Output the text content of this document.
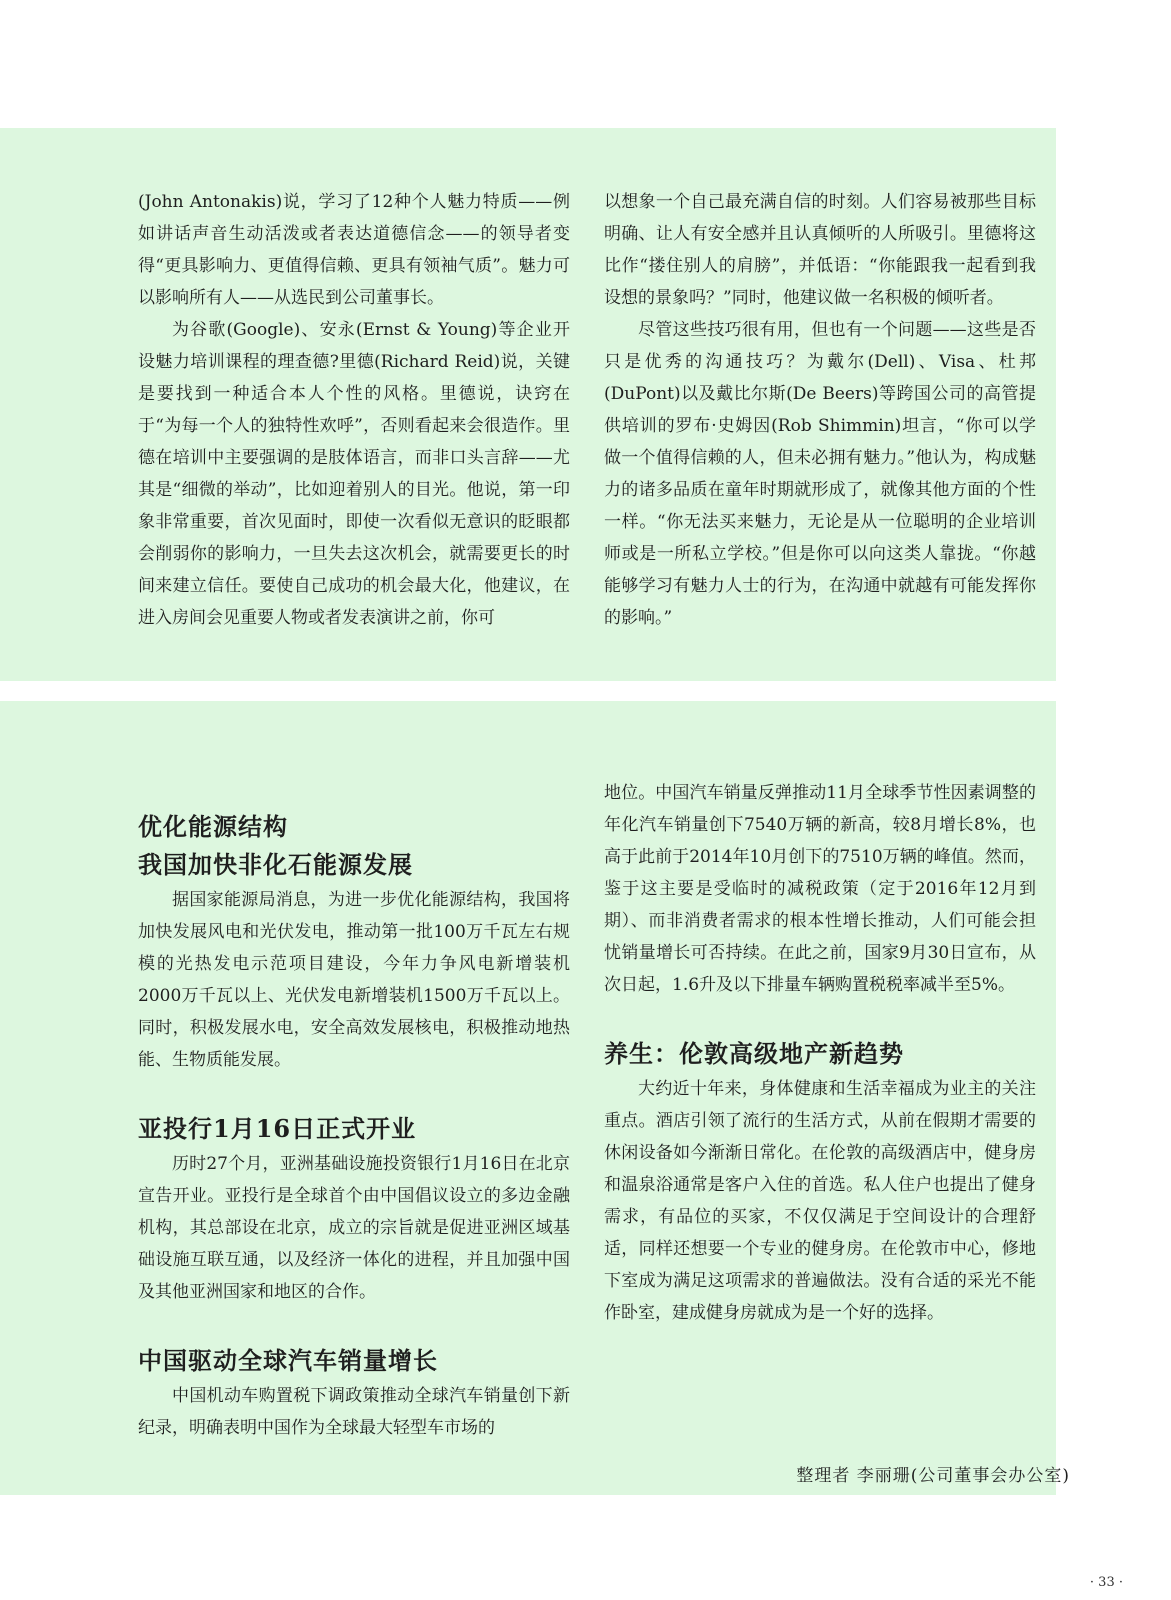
(John Antonakis)说，学习了12种个人魅力特质——例如讲话声音生动活泼或者表达道德信念——的领导者变得“更具影响力、更值得信赖、更具有领袖气质”。魅力可以影响所有人——从选民到公司董事长。

为谷歌(Google)、安永(Ernst & Young)等企业开设魅力培训课程的理查德?里德(Richard Reid)说，关键是要找到一种适合本人个性的风格。里德说，诀窍在于“为每一个人的独特性欢呼”，否则看起来会很造作。里德在培训中主要强调的是肢体语言，而非口头言辞——尤其是“细微的举动”，比如迎着别人的目光。他说，第一印象非常重要，首次见面时，即使一次看似无意识的眨眼都会削弱你的影响力，一旦失去这次机会，就需要更长的时间来建立信任。要使自己成功的机会最大化，他建议，在进入房间会见重要人物或者发表演讲之前，你可

以想象一个自己最充满自信的时刻。人们容易被那些目标明确、让人有安全感并且认真倾听的人所吸引。里德将这比作“搂住别人的肩膀”，并低语：“你能跟我一起看到我设想的景象吗？”同时，他建议做一名积极的倾听者。

尽管这些技巧很有用，但也有一个问题——这些是否只是优秀的沟通技巧？为戴尔(Dell)、Visa、杜邦(DuPont)以及戴比尔斯(De Beers)等跨国公司的高管提供培训的罗布·史姆因(Rob Shimmin)坦言，“你可以学做一个值得信赖的人，但未必拥有魅力。”他认为，构成魅力的诸多品质在童年时期就形成了，就像其他方面的个性一样。“你无法买来魅力，无论是从一位聪明的企业培训师或是一所私立学校。”但是你可以向这类人靠拢。“你越能够学习有魅力人士的行为，在沟通中就越有可能发挥你的影响。”

优化能源结构
我国加快非化石能源发展

据国家能源局消息，为进一步优化能源结构，我国将加快发展风电和光伏发电，推动第一批100万千瓦左右规模的光热发电示范项目建设，今年力争风电新增装机2000万千瓦以上、光伏发电新增装机1500万千瓦以上。同时，积极发展水电，安全高效发展核电，积极推动地热能、生物质能发展。

亚投行1月16日正式开业

历时27个月，亚洲基础设施投资银行1月16日在北京宣告开业。亚投行是全球首个由中国倡议设立的多边金融机构，其总部设在北京，成立的宗旨就是促进亚洲区域基础设施互联互通，以及经济一体化的进程，并且加强中国及其他亚洲国家和地区的合作。

中国驱动全球汽车销量增长

中国机动车购置税下调政策推动全球汽车销量创下新纪录，明确表明中国作为全球最大轻型车市场的

地位。中国汽车销量反弹推动11月全球季节性因素调整的年化汽车销量创下7540万辆的新高，较8月增长8%，也高于此前于2014年10月创下的7510万辆的峰值。然而，鉴于这主要是受临时的减税政策（定于2016年12月到期）、而非消费者需求的根本性增长推动，人们可能会担忧销量增长可否持续。在此之前，国家9月30日宣布，从次日起，1.6升及以下排量车辆购置税税率减半至5%。

养生：伦敦高级地产新趋势

大约近十年来，身体健康和生活幸福成为业主的关注重点。酒店引领了流行的生活方式，从前在假期才需要的休闲设备如今渐渐日常化。在伦敦的高级酒店中，健身房和温泉浴通常是客户入住的首选。私人住户也提出了健身需求，有品位的买家，不仅仅满足于空间设计的合理舒适，同样还想要一个专业的健身房。在伦敦市中心，修地下室成为满足这项需求的普遍做法。没有合适的采光不能作卧室，建成健身房就成为是一个好的选择。

整理者 李丽珊(公司董事会办公室)
· 33 ·
